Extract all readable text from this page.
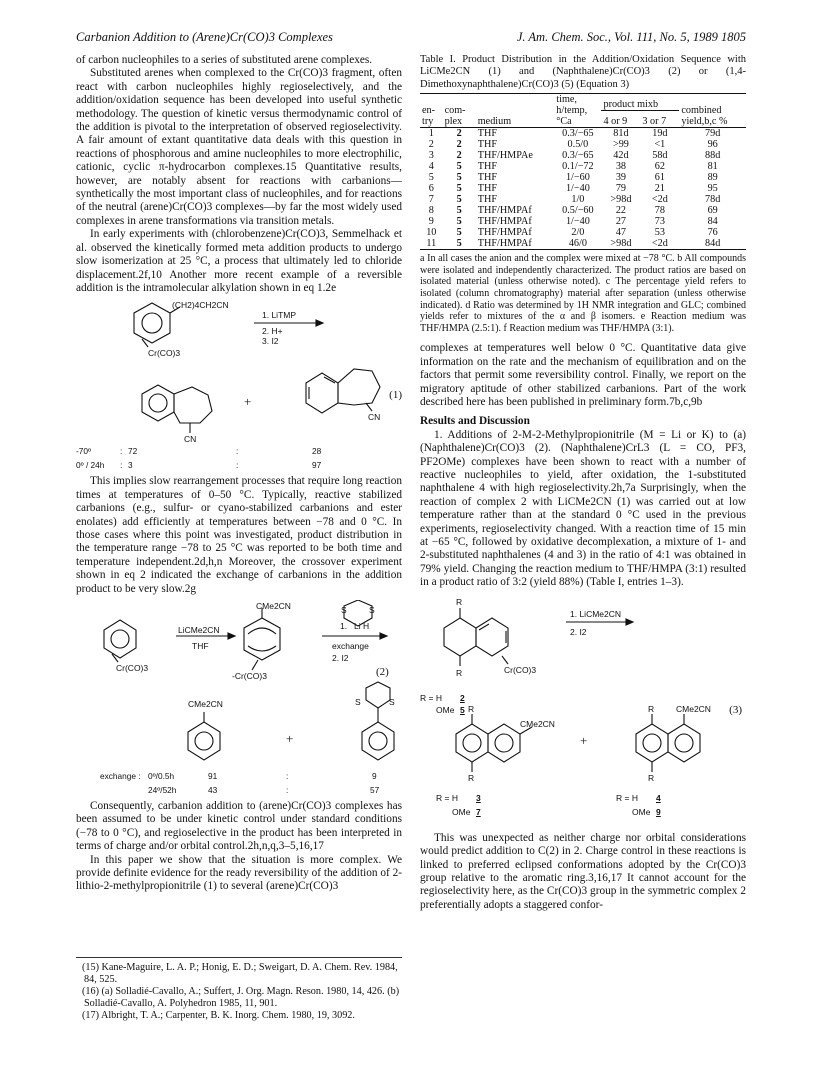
Carbanion Addition to (Arene)Cr(CO)3 Complexes	J. Am. Chem. Soc., Vol. 111, No. 5, 1989 1805

of carbon nucleophiles to a series of substituted arene complexes.

Substituted arenes when complexed to the Cr(CO)3 fragment, often react with carbon nucleophiles highly regioselectively, and the addition/oxidation sequence has been developed into useful synthetic methodology. The question of kinetic versus thermodynamic control of the addition is pivotal to the interpretation of observed regioselectivity. A fair amount of extant quantitative data deals with this question in reactions of phosphorous and amine nucleophiles to more electrophilic, cationic, cyclic π-hydrocarbon complexes.15 Quantitative results, however, are notably absent for reactions with carbanions—synthetically the most important class of nucleophiles, and for reactions of the neutral (arene)Cr(CO)3 complexes—by far the most widely used complexes in arene transformations via transition metals.

In early experiments with (chlorobenzene)Cr(CO)3, Semmelhack et al. observed the kinetically formed meta addition products to undergo slow isomerization at 25 °C, a process that ultimately led to chloride displacement.2f,10 Another more recent example of a reversible addition is the intramolecular alkylation shown in eq 1.2e

(CH2)4CH2CN
Cr(CO)3
1. LiTMP
2. H+
3. I2
CN
CN
+	(1)
-70º	: 72	:	28
0º / 24h : 3	:	97

This implies slow rearrangement processes that require long reaction times at temperatures of 0–50 °C. Typically, reactive stabilized carbanions (e.g., sulfur- or cyano-stabilized carbanions and ester enolates) add efficiently at temperatures between −78 and 0 °C. In those cases where this point was investigated, product distribution in the temperature range −78 to 25 °C was reported to be both time and temperature independent.2d,h,n Moreover, the crossover experiment shown in eq 2 indicated the exchange of carbanions in the addition product to be very slow.2g

CMe2CN
Cr(CO)3
LiCMe2CN
THF
-Cr(CO)3
S	S
1. Li H
exchange
2. I2
CMe2CN	S	S
+
(2)
exchange : 0º/0.5h	91	:	9
24º/52h	43	:	57

Consequently, carbanion addition to (arene)Cr(CO)3 complexes has been assumed to be under kinetic control under standard conditions (−78 to 0 °C), and regioselective in the product has been interpreted in terms of charge and/or orbital control.2h,n,q,3–5,16,17

In this paper we show that the situation is more complex. We provide definite evidence for the ready reversibility of the addition of 2-lithio-2-methylpropionitrile (1) to several (arene)Cr(CO)3

(15) Kane-Maguire, L. A. P.; Honig, E. D.; Sweigart, D. A. Chem. Rev. 1984, 84, 525.
(16) (a) Solladié-Cavallo, A.; Suffert, J. Org. Magn. Reson. 1980, 14, 426. (b) Solladié-Cavallo, A. Polyhedron 1985, 11, 901.
(17) Albright, T. A.; Carpenter, B. K. Inorg. Chem. 1980, 19, 3092.
Table I. Product Distribution in the Addition/Oxidation Sequence with LiCMe2CN (1) and (Naphthalene)Cr(CO)3 (2) or (1,4-Dimethoxynaphthalene)Cr(CO)3 (5) (Equation 3)
en-
try	com-
plex	medium	time,
h/temp,
°Ca	product mixb		combined
yield,b,c %
				4 or 9	3 or 7	
1	2	THF	0.3/−65	81d	19d	79d
2	2	THF	0.5/0	>99	<1	96
3	2	THF/HMPAe	0.3/−65	42d	58d	88d
4	5	THF	0.1/−72	38	62	81
5	5	THF	1/−60	39	61	89
6	5	THF	1/−40	79	21	95
7	5	THF	1/0	>98d	<2d	78d
8	5	THF/HMPAf	0.5/−60	22	78	69
9	5	THF/HMPAf	1/−40	27	73	84
10	5	THF/HMPAf	2/0	47	53	76
11	5	THF/HMPAf	46/0	>98d	<2d	84d
a In all cases the anion and the complex were mixed at −78 °C. b All compounds were isolated and independently characterized. The product ratios are based on isolated material (unless otherwise noted). c The percentage yield refers to isolated (column chromatography) material after separation (unless otherwise indicated). d Ratio was determined by 1H NMR integration and GLC; combined yields refer to mixtures of the α and β isomers. e Reaction medium was THF/HMPA (2.5:1). f Reaction medium was THF/HMPA (3:1).

complexes at temperatures well below 0 °C. Quantitative data give information on the rate and the mechanism of equilibration and on the factors that permit some reversibility control. Finally, we report on the migratory aptitude of other stabilized carbanions. Part of the work described here has been published in preliminary form.7b,c,9b

Results and Discussion

1. Additions of 2-M-2-Methylpropionitrile (M = Li or K) to (a) (Naphthalene)Cr(CO)3 (2). (Naphthalene)CrL3 (L = CO, PF3, PF2OMe) complexes have been shown to react with a number of reactive nucleophiles to yield, after oxidation, the 1-substituted naphthalene 4 with high regioselectivity.2h,7a Surprisingly, when the reaction of complex 2 with LiCMe2CN (1) was carried out at low temperature rather than at the standard 0 °C used in the previous experiments, regioselectivity changed. With a reaction time of 15 min at −65 °C, followed by oxidative decomplexation, a mixture of 1- and 2-substituted naphthalenes (4 and 3) in the ratio of 4:1 was obtained in 79% yield. Changing the reaction medium to THF/HMPA (3:1) resulted in a product ratio of 3:2 (yield 88%) (Table I, entries 1–3).

R
R	Cr(CO)3
1. LiCMe2CN
2. I2
R = H 2
OMe 5	(3)
R
R
CMe2CN
+
R
R
CMe2CN
R = H 3
OMe 7
R = H 4
OMe 9

This was unexpected as neither charge nor orbital considerations would predict addition to C(2) in 2. Charge control in these reactions is linked to preferred eclipsed conformations adopted by the Cr(CO)3 group relative to the aromatic ring.3,16,17 It cannot account for the regioselectivity here, as the Cr(CO)3 group in the symmetric complex 2 preferentially adopts a staggered confor-
